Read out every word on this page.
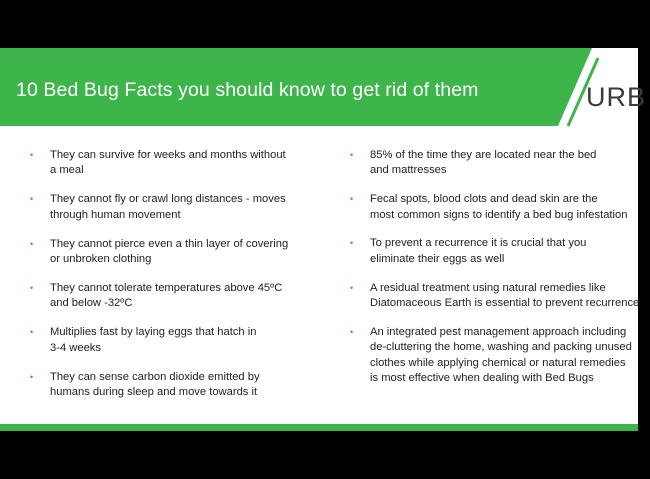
10 Bed Bug Facts you should know to get rid of them	URB
• They can survive for weeks and months without
a meal
• They cannot fly or crawl long distances - moves
through human movement
• They cannot pierce even a thin layer of covering
or unbroken clothing
• They cannot tolerate temperatures above 45ºC
and below -32ºC
• Multiplies fast by laying eggs that hatch in
3-4 weeks
• They can sense carbon dioxide emitted by
humans during sleep and move towards it
• 85% of the time they are located near the bed
and mattresses
• Fecal spots, blood clots and dead skin are the
most common signs to identify a bed bug infestation
• To prevent a recurrence it is crucial that you
eliminate their eggs as well
• A residual treatment using natural remedies like
Diatomaceous Earth is essential to prevent recurrence
• An integrated pest management approach including
de-cluttering the home, washing and packing unused
clothes while applying chemical or natural remedies
is most effective when dealing with Bed Bugs
